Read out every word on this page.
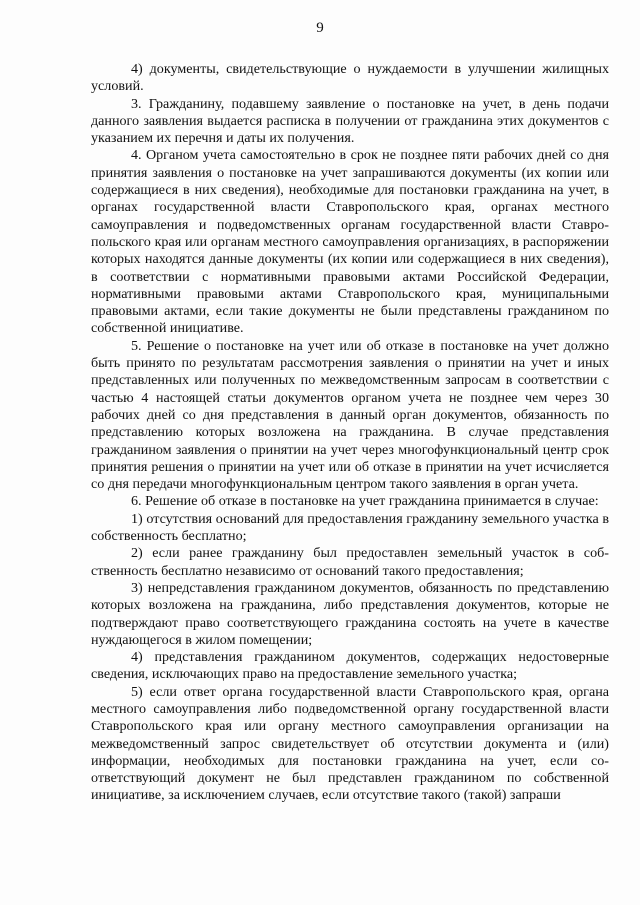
9

4) документы, свидетельствующие о нуждаемости в улучшении жилищных условий.

3. Гражданину, подавшему заявление о постановке на учет, в день подачи данного заявления выдается расписка в получении от гражданина этих документов с указанием их перечня и даты их получения.

4. Органом учета самостоятельно в срок не позднее пяти рабочих дней со дня принятия заявления о постановке на учет запрашиваются документы (их копии или содержащиеся в них сведения), необходимые для постановки гражданина на учет, в органах государственной власти Ставропольского края, органах местного самоуправления и подведомственных органам государственной власти Ставропольского края или органам местного самоуправления организациях, в распоряжении которых находятся данные документы (их копии или содержащиеся в них сведения), в соответствии с нормативными правовыми актами Российской Федерации, нормативными правовыми актами Ставропольского края, муниципальными правовыми актами, если такие документы не были представлены гражданином по собственной инициативе.

5. Решение о постановке на учет или об отказе в постановке на учет должно быть принято по результатам рассмотрения заявления о принятии на учет и иных представленных или полученных по межведомственным запросам в соответствии с частью 4 настоящей статьи документов органом учета не позднее чем через 30 рабочих дней со дня представления в данный орган документов, обязанность по представлению которых возложена на гражданина. В случае представления гражданином заявления о принятии на учет через многофункциональный центр срок принятия решения о принятии на учет или об отказе в принятии на учет исчисляется со дня передачи многофункциональным центром такого заявления в орган учета.

6. Решение об отказе в постановке на учет гражданина принимается в случае:

1) отсутствия оснований для предоставления гражданину земельного участка в собственность бесплатно;

2) если ранее гражданину был предоставлен земельный участок в собственность бесплатно независимо от оснований такого предоставления;

3) непредставления гражданином документов, обязанность по представлению которых возложена на гражданина, либо представления документов, которые не подтверждают право соответствующего гражданина состоять на учете в качестве нуждающегося в жилом помещении;

4) представления гражданином документов, содержащих недостоверные сведения, исключающих право на предоставление земельного участка;

5) если ответ органа государственной власти Ставропольского края, органа местного самоуправления либо подведомственной органу государственной власти Ставропольского края или органу местного самоуправления организации на межведомственный запрос свидетельствует об отсутствии документа и (или) информации, необходимых для постановки гражданина на учет, если соответствующий документ не был представлен гражданином по собственной инициативе, за исключением случаев, если отсутствие такого (такой) запраши
